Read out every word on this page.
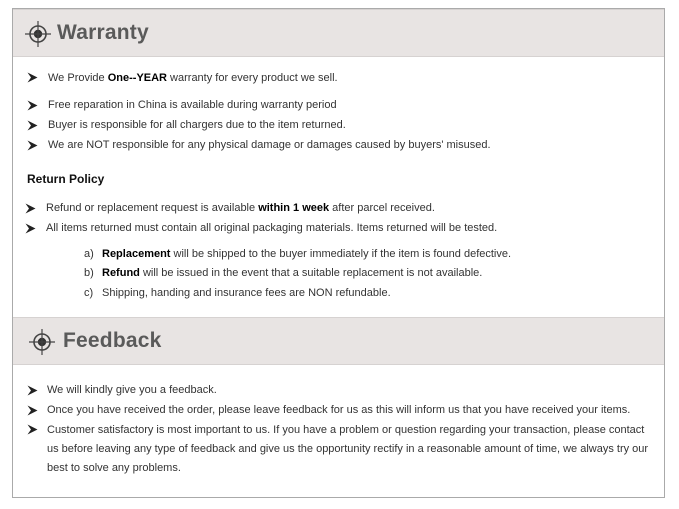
Warranty
We Provide One--YEAR warranty for every product we sell.
Free reparation in China is available during warranty period
Buyer is responsible for all chargers due to the item returned.
We are NOT responsible for any physical damage or damages caused by buyers' misused.
Return Policy
Refund or replacement request is available within 1 week after parcel received.
All items returned must contain all original packaging materials. Items returned will be tested.
a) Replacement will be shipped to the buyer immediately if the item is found defective.
b) Refund will be issued in the event that a suitable replacement is not available.
c) Shipping, handing and insurance fees are NON refundable.
Feedback
We will kindly give you a feedback.
Once you have received the order, please leave feedback for us as this will inform us that you have received your items.
Customer satisfactory is most important to us. If you have a problem or question regarding your transaction, please contact
us before leaving any type of feedback and give us the opportunity rectify in a reasonable amount of time, we always try our
best to solve any problems.
